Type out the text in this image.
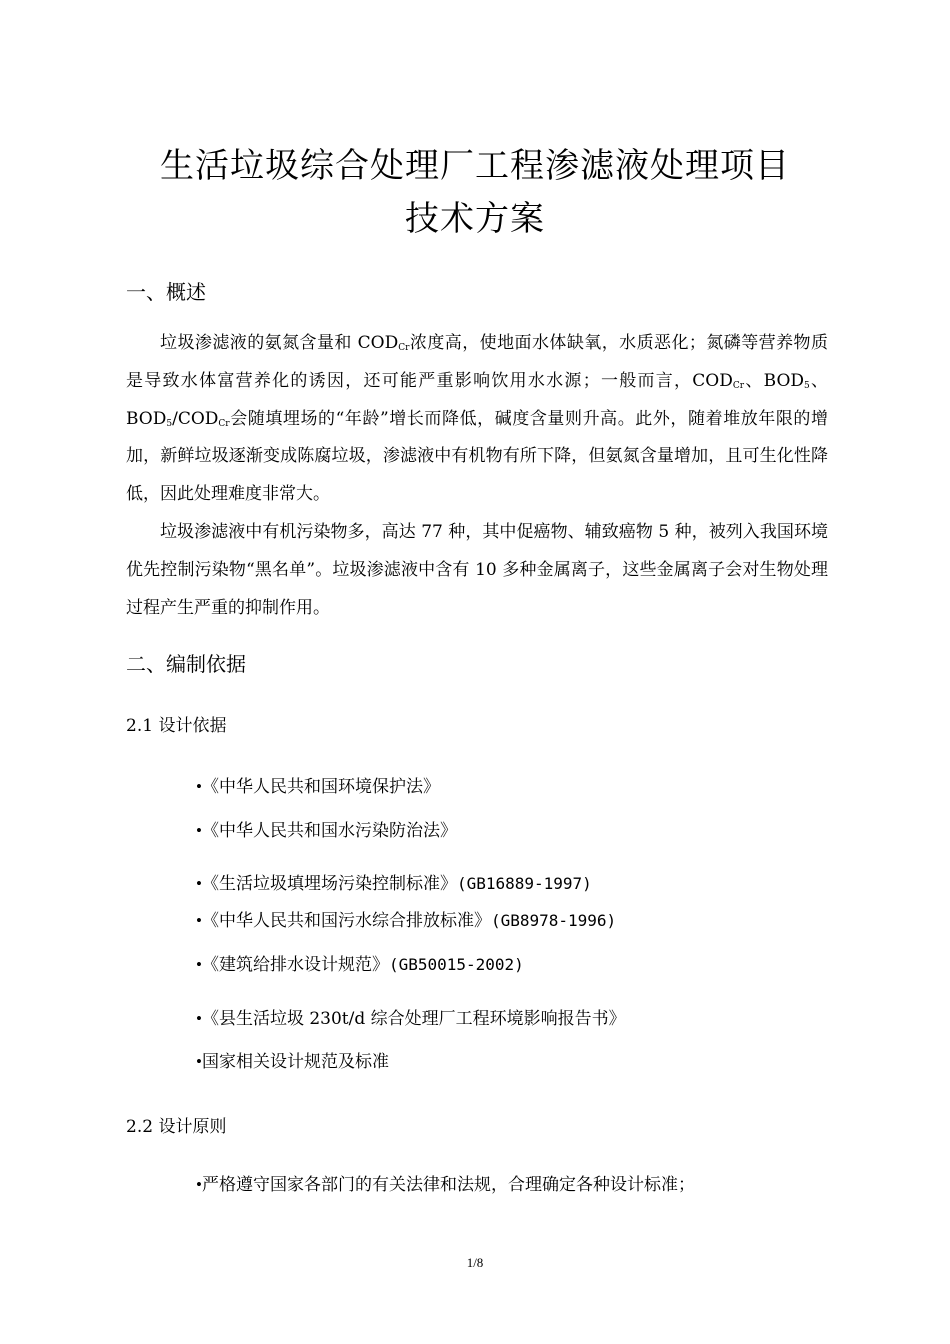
生活垃圾综合处理厂工程渗滤液处理项目
技术方案
一、概述

垃圾渗滤液的氨氮含量和 $COD_{Cr}$浓度高，使地面水体缺氧，水质恶化；氮磷等营养物质是导致水体富营养化的诱因，还可能严重影响饮用水水源；一般而言，$COD_{Cr}$、$BOD_5$、$BOD_5/COD_{Cr}$会随填埋场的“年龄”增长而降低，碱度含量则升高。此外，随着堆放年限的增加，新鲜垃圾逐渐变成陈腐垃圾，渗滤液中有机物有所下降，但氨氮含量增加，且可生化性降低，因此处理难度非常大。

垃圾渗滤液中有机污染物多，高达 77 种，其中促癌物、辅致癌物 5 种，被列入我国环境优先控制污染物“黑名单”。垃圾渗滤液中含有 10 多种金属离子，这些金属离子会对生物处理过程产生严重的抑制作用。

二、编制依据
2.1 设计依据
•《中华人民共和国环境保护法》
•《中华人民共和国水污染防治法》
•《生活垃圾填埋场污染控制标准》(GB16889-1997)
•《中华人民共和国污水综合排放标准》(GB8978-1996)
•《建筑给排水设计规范》(GB50015-2002)
•《县生活垃圾 230t/d 综合处理厂工程环境影响报告书》
•国家相关设计规范及标准
2.2 设计原则
•严格遵守国家各部门的有关法律和法规，合理确定各种设计标准；
1/8
